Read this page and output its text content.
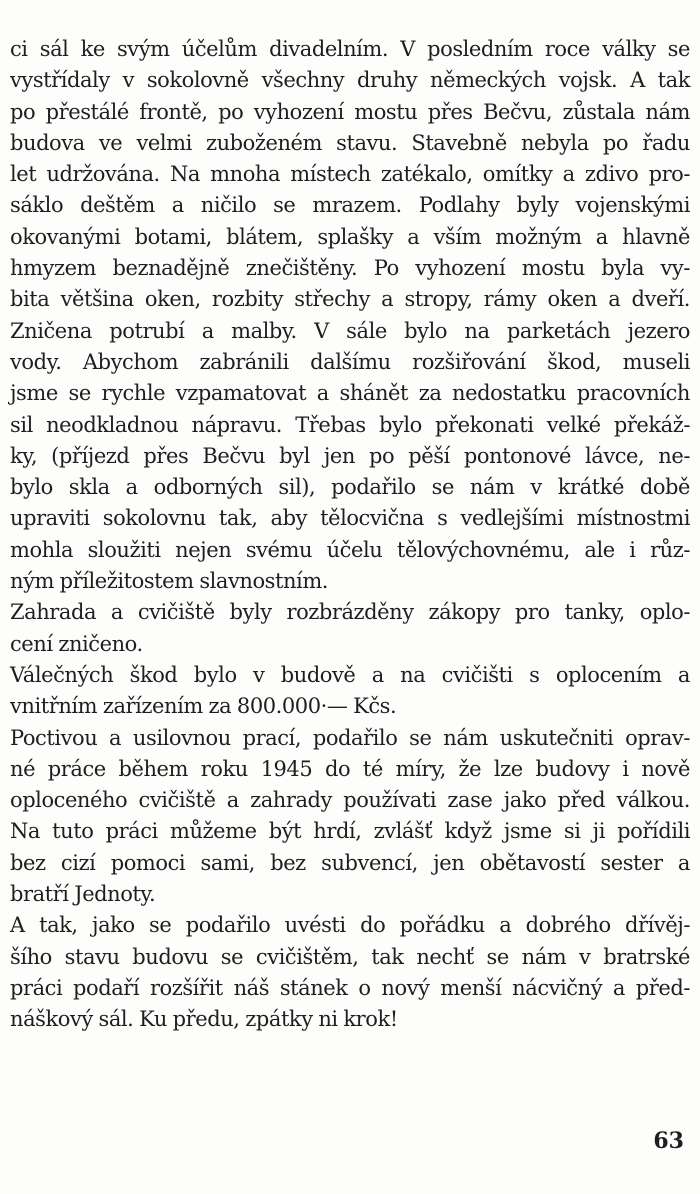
ci sál ke svým účelům divadelním. V posledním roce války se
vystřídaly v sokolovně všechny druhy německých vojsk. A tak
po přestálé frontě, po vyhození mostu přes Bečvu, zůstala nám
budova ve velmi zuboženém stavu. Stavebně nebyla po řadu
let udržována. Na mnoha místech zatékalo, omítky a zdivo pro-
sáklo deštěm a ničilo se mrazem. Podlahy byly vojenskými
okovanými botami, blátem, splašky a vším možným a hlavně
hmyzem beznadějně znečištěny. Po vyhození mostu byla vy-
bita většina oken, rozbity střechy a stropy, rámy oken a dveří.
Zničena potrubí a malby. V sále bylo na parketách jezero
vody. Abychom zabránili dalšímu rozšiřování škod, museli
jsme se rychle vzpamatovat a shánět za nedostatku pracovních
sil neodkladnou nápravu. Třebas bylo překonati velké překáž-
ky, (příjezd přes Bečvu byl jen po pěší pontonové lávce, ne-
bylo skla a odborných sil), podařilo se nám v krátké době
upraviti sokolovnu tak, aby tělocvična s vedlejšími místnostmi
mohla sloužiti nejen svému účelu tělovýchovnému, ale i růz-
ným příležitostem slavnostním.
Zahrada a cvičiště byly rozbrázděny zákopy pro tanky, oplo-
cení zničeno.
Válečných škod bylo v budově a na cvičišti s oplocením a
vnitřním zařízením za 800.000·— Kčs.
Poctivou a usilovnou prací, podařilo se nám uskutečniti oprav-
né práce během roku 1945 do té míry, že lze budovy i nově
oploceného cvičiště a zahrady používati zase jako před válkou.
Na tuto práci můžeme být hrdí, zvlášť když jsme si ji pořídili
bez cizí pomoci sami, bez subvencí, jen obětavostí sester a
bratří Jednoty.
A tak, jako se podařilo uvésti do pořádku a dobrého dřívěj-
šího stavu budovu se cvičištěm, tak nechť se nám v bratrské
práci podaří rozšířit náš stánek o nový menší nácvičný a před-
náškový sál. Ku předu, zpátky ni krok!
63
